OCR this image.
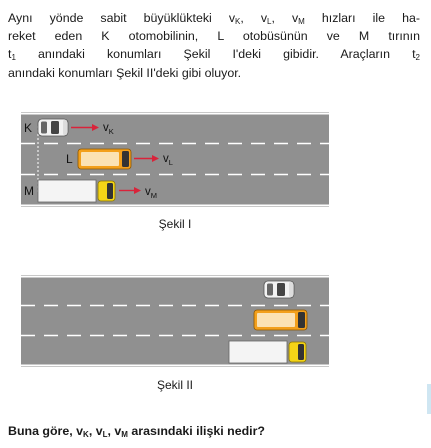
Aynı yönde sabit büyüklükteki $v_K$, $v_L$, $v_M$ hızları ile ha-
reket eden K otomobilinin, L otobüsünün ve M tırının
$t_1$ anındaki konumları Şekil I'deki gibidir. Araçların $t_2$
anındaki konumları Şekil II'deki gibi oluyor.
K	$v_K$
L	$v_L$
M	$v_M$
Şekil I
Şekil II
Buna göre, $v_K$, $v_L$, $v_M$ arasındaki ilişki nedir?
